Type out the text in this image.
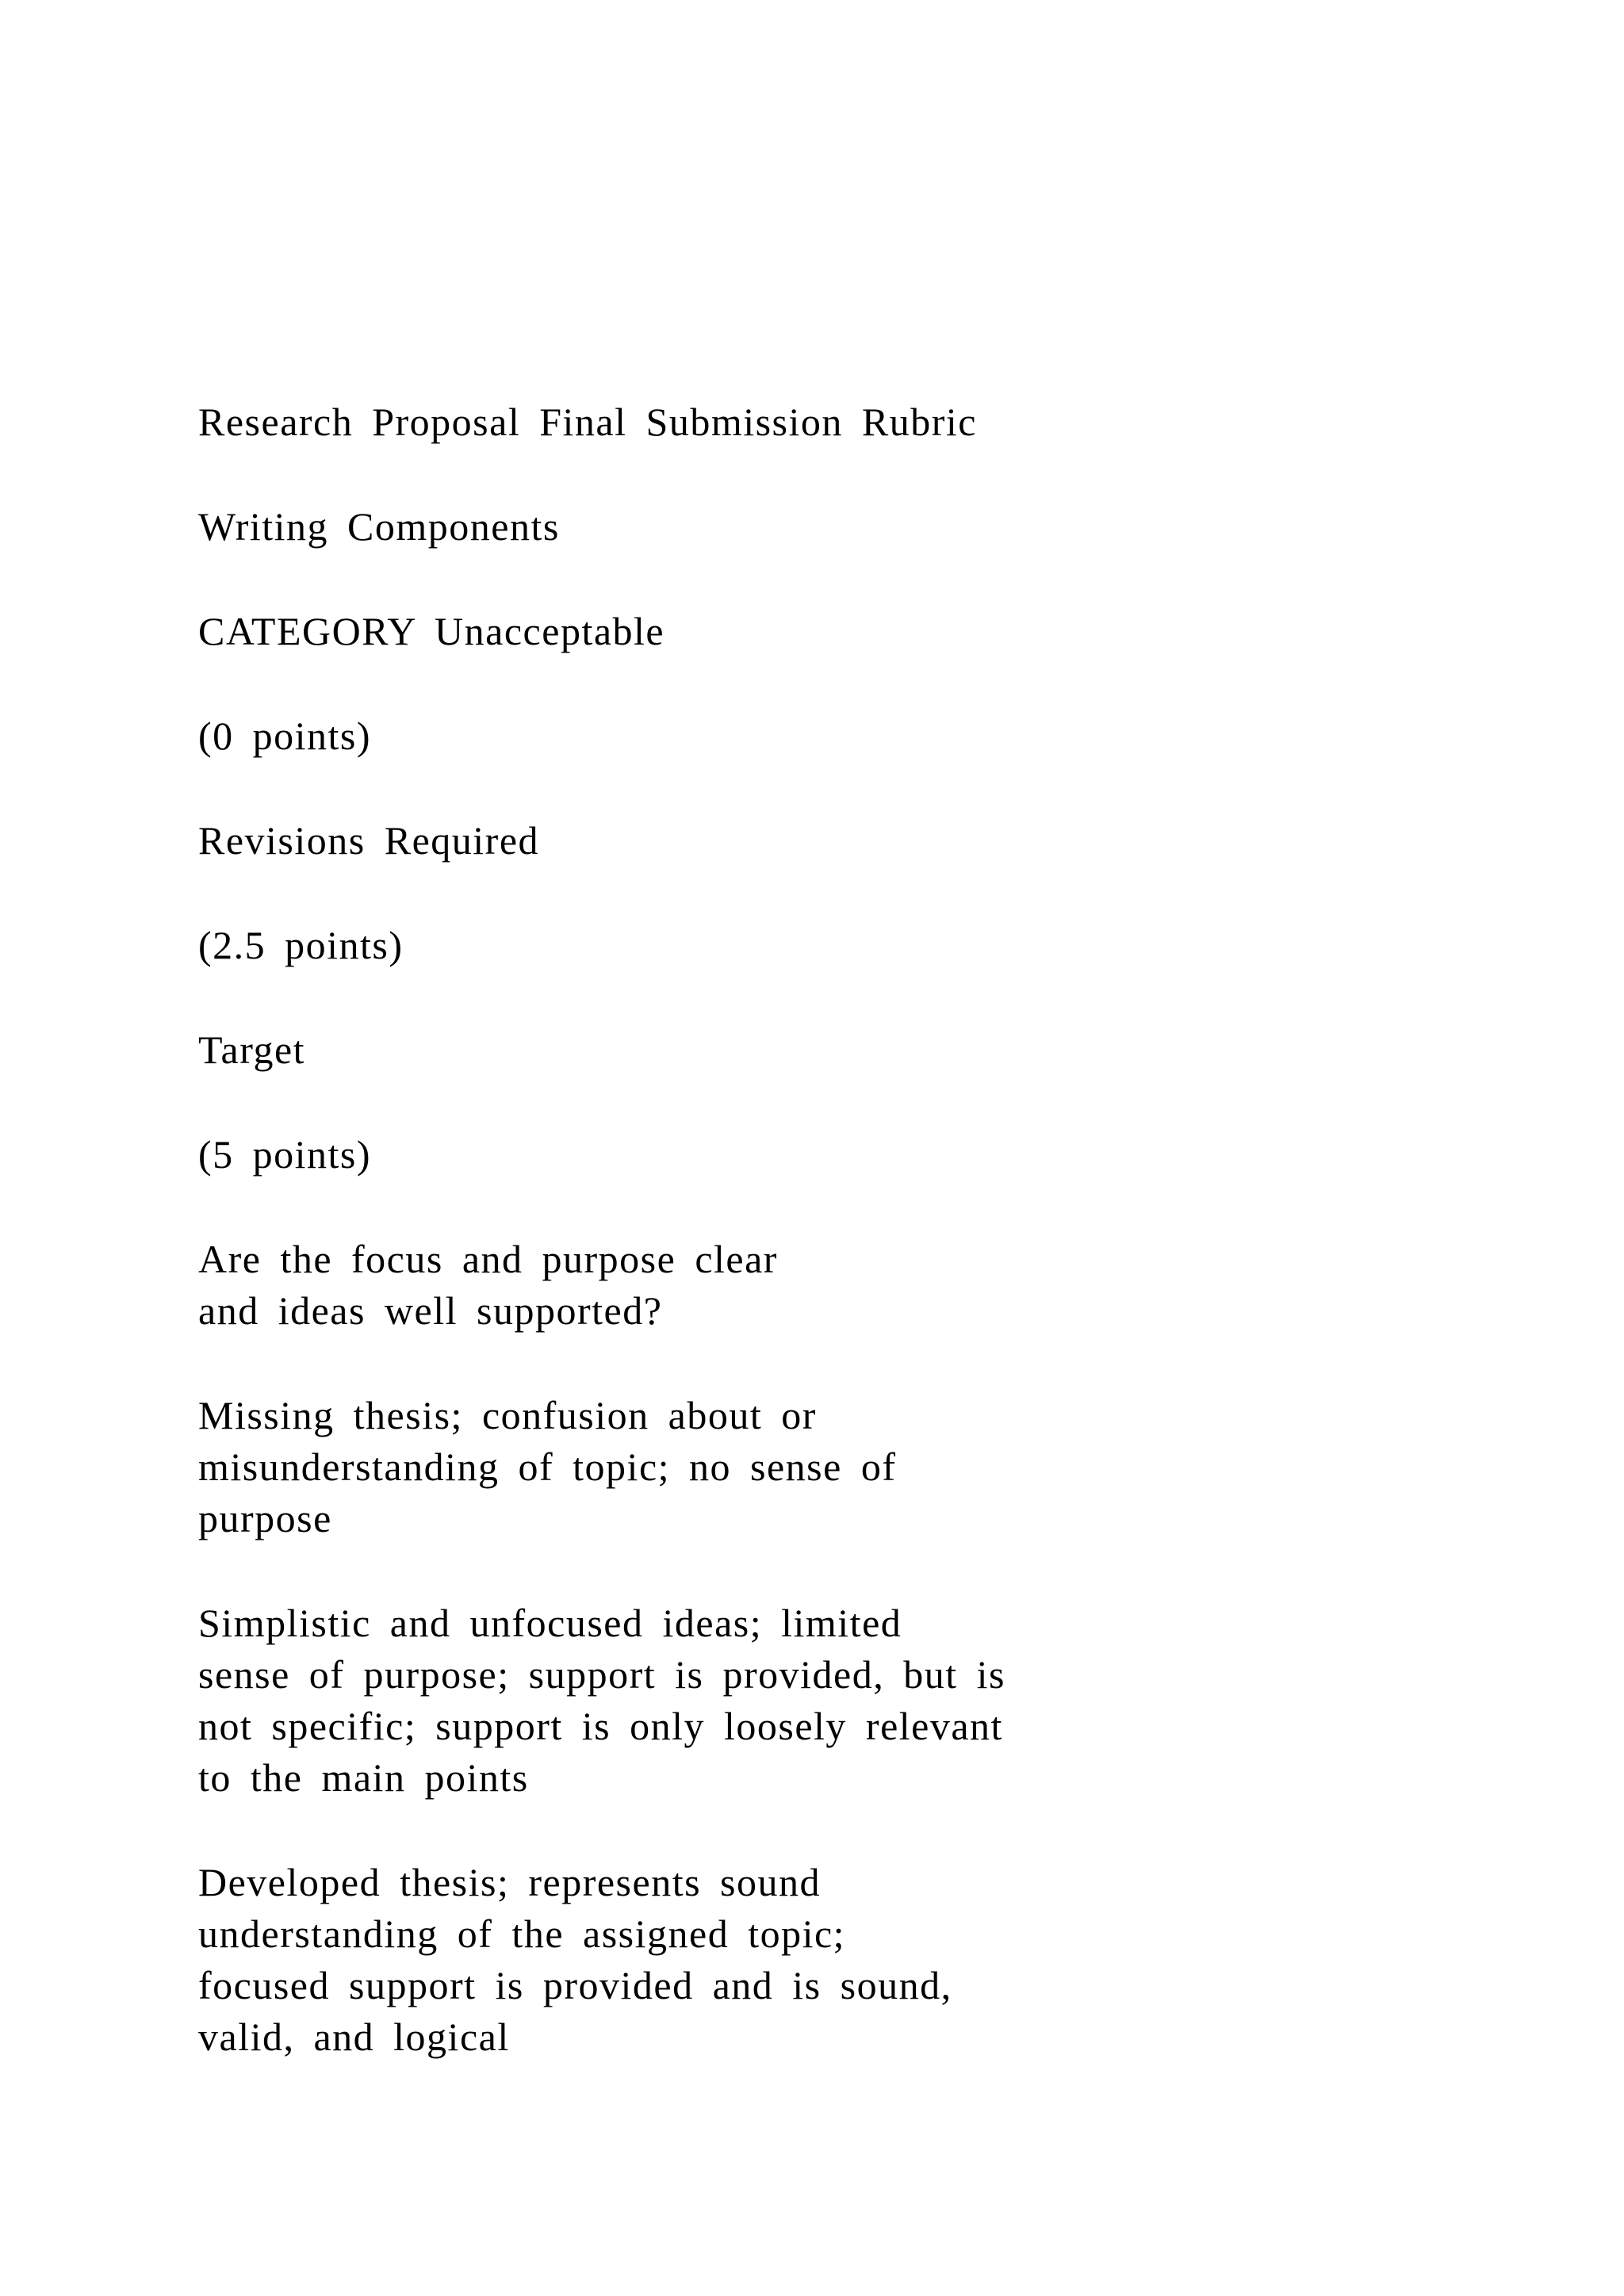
Research Proposal Final Submission Rubric

Writing Components

CATEGORY Unacceptable

(0 points)

Revisions Required

(2.5 points)

Target

(5 points)

Are the focus and purpose clear
and ideas well supported?

Missing thesis; confusion about or
misunderstanding of topic; no sense of
purpose

Simplistic and unfocused ideas; limited
sense of purpose; support is provided, but is
not specific; support is only loosely relevant
to the main points

Developed thesis; represents sound
understanding of the assigned topic;
focused support is provided and is sound,
valid, and logical
